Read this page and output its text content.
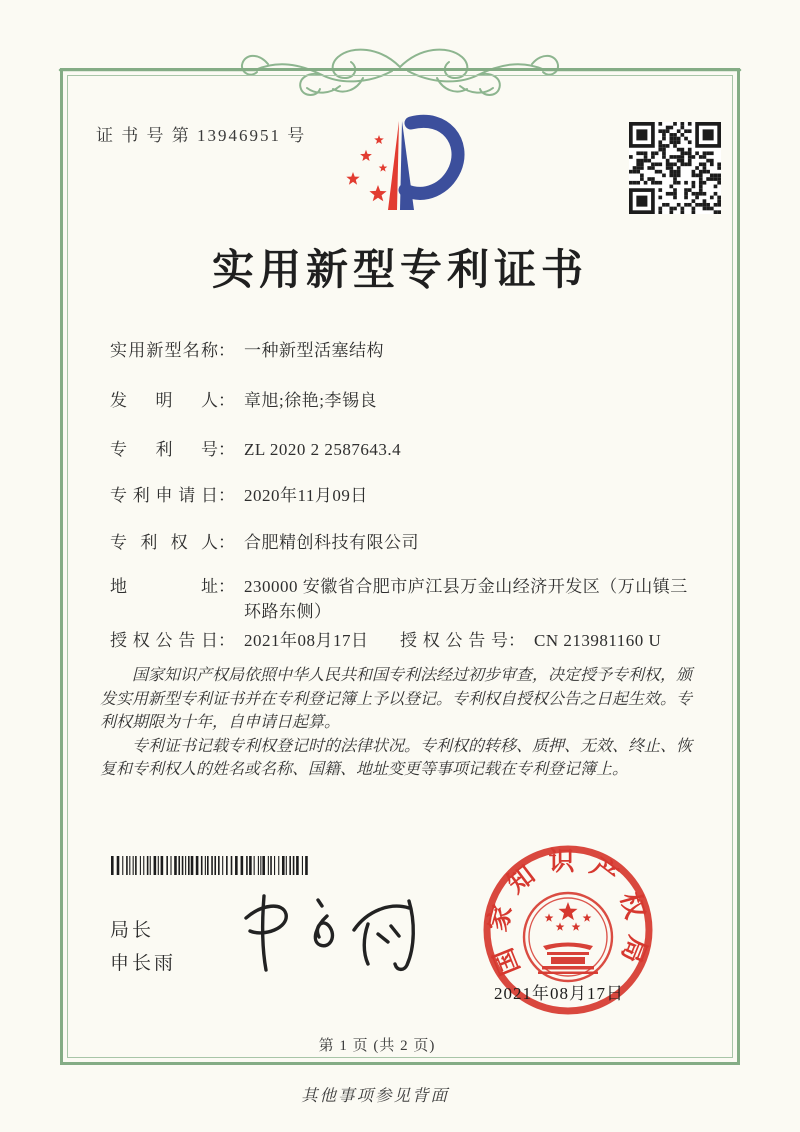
证 书 号 第 13946951 号
实用新型专利证书
实用新型名称 ： 一种新型活塞结构
发明人 ： 章旭;徐艳;李锡良
专利号 ： ZL 2020 2 2587643.4
专利申请日 ： 2020年11月09日
专利权人 ： 合肥精创科技有限公司
地址 ： 230000 安徽省合肥市庐江县万金山经济开发区（万山镇三环路东侧）
授权公告日 ： 2021年08月17日 授权公告号 ： CN 213981160 U

国家知识产权局依照中华人民共和国专利法经过初步审查，决定授予专利权，颁发实用新型专利证书并在专利登记簿上予以登记。专利权自授权公告之日起生效。专利权期限为十年，自申请日起算。

专利证书记载专利权登记时的法律状况。专利权的转移、质押、无效、终止、恢复和专利权人的姓名或名称、国籍、地址变更等事项记载在专利登记簿上。

局长
申长雨	国家知识产权局
2021年08月17日
第 1 页 (共 2 页)
其他事项参见背面
